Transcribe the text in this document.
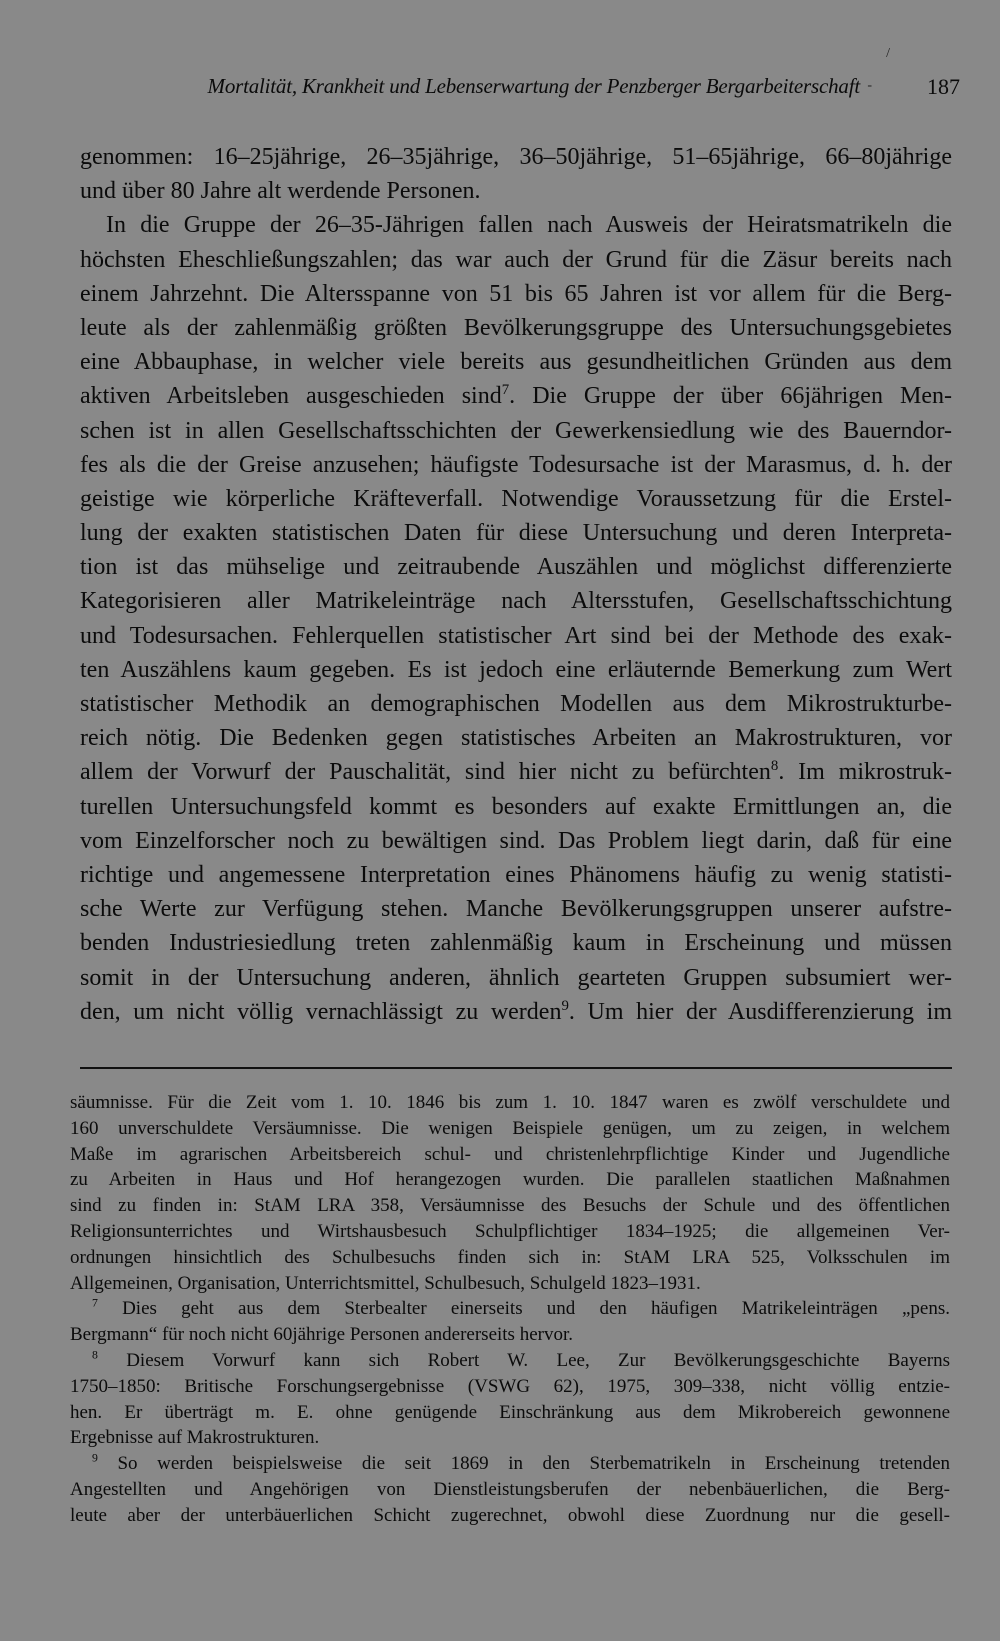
Mortalität, Krankheit und Lebenserwartung der Penzberger Bergarbeiterschaft	187
/
-
genommen: 16–25jährige, 26–35jährige, 36–50jährige, 51–65jährige, 66–80jährige
und über 80 Jahre alt werdende Personen.
In die Gruppe der 26–35-Jährigen fallen nach Ausweis der Heiratsmatrikeln die
höchsten Eheschließungszahlen; das war auch der Grund für die Zäsur bereits nach
einem Jahrzehnt. Die Altersspanne von 51 bis 65 Jahren ist vor allem für die Berg-
leute als der zahlenmäßig größten Bevölkerungsgruppe des Untersuchungsgebietes
eine Abbauphase, in welcher viele bereits aus gesundheitlichen Gründen aus dem
aktiven Arbeitsleben ausgeschieden sind$^7$. Die Gruppe der über 66jährigen Men-
schen ist in allen Gesellschaftsschichten der Gewerkensiedlung wie des Bauerndor-
fes als die der Greise anzusehen; häufigste Todesursache ist der Marasmus, d. h. der
geistige wie körperliche Kräfteverfall. Notwendige Voraussetzung für die Erstel-
lung der exakten statistischen Daten für diese Untersuchung und deren Interpreta-
tion ist das mühselige und zeitraubende Auszählen und möglichst differenzierte
Kategorisieren aller Matrikeleinträge nach Altersstufen, Gesellschaftsschichtung
und Todesursachen. Fehlerquellen statistischer Art sind bei der Methode des exak-
ten Auszählens kaum gegeben. Es ist jedoch eine erläuternde Bemerkung zum Wert
statistischer Methodik an demographischen Modellen aus dem Mikrostrukturbe-
reich nötig. Die Bedenken gegen statistisches Arbeiten an Makrostrukturen, vor
allem der Vorwurf der Pauschalität, sind hier nicht zu befürchten$^8$. Im mikrostruk-
turellen Untersuchungsfeld kommt es besonders auf exakte Ermittlungen an, die
vom Einzelforscher noch zu bewältigen sind. Das Problem liegt darin, daß für eine
richtige und angemessene Interpretation eines Phänomens häufig zu wenig statisti-
sche Werte zur Verfügung stehen. Manche Bevölkerungsgruppen unserer aufstre-
benden Industriesiedlung treten zahlenmäßig kaum in Erscheinung und müssen
somit in der Untersuchung anderen, ähnlich gearteten Gruppen subsumiert wer-
den, um nicht völlig vernachlässigt zu werden$^9$. Um hier der Ausdifferenzierung im
säumnisse. Für die Zeit vom 1. 10. 1846 bis zum 1. 10. 1847 waren es zwölf verschuldete und
160 unverschuldete Versäumnisse. Die wenigen Beispiele genügen, um zu zeigen, in welchem
Maße im agrarischen Arbeitsbereich schul- und christenlehrpflichtige Kinder und Jugendliche
zu Arbeiten in Haus und Hof herangezogen wurden. Die parallelen staatlichen Maßnahmen
sind zu finden in: StAM LRA 358, Versäumnisse des Besuchs der Schule und des öffentlichen
Religionsunterrichtes und Wirtshausbesuch Schulpflichtiger 1834–1925; die allgemeinen Ver-
ordnungen hinsichtlich des Schulbesuchs finden sich in: StAM LRA 525, Volksschulen im
Allgemeinen, Organisation, Unterrichtsmittel, Schulbesuch, Schulgeld 1823–1931.
$^7$ Dies geht aus dem Sterbealter einerseits und den häufigen Matrikeleinträgen „pens.
Bergmann“ für noch nicht 60jährige Personen andererseits hervor.
$^8$ Diesem Vorwurf kann sich Robert W. Lee, Zur Bevölkerungsgeschichte Bayerns
1750–1850: Britische Forschungsergebnisse (VSWG 62), 1975, 309–338, nicht völlig entzie-
hen. Er überträgt m. E. ohne genügende Einschränkung aus dem Mikrobereich gewonnene
Ergebnisse auf Makrostrukturen.
$^9$ So werden beispielsweise die seit 1869 in den Sterbematrikeln in Erscheinung tretenden
Angestellten und Angehörigen von Dienstleistungsberufen der nebenbäuerlichen, die Berg-
leute aber der unterbäuerlichen Schicht zugerechnet, obwohl diese Zuordnung nur die gesell-
